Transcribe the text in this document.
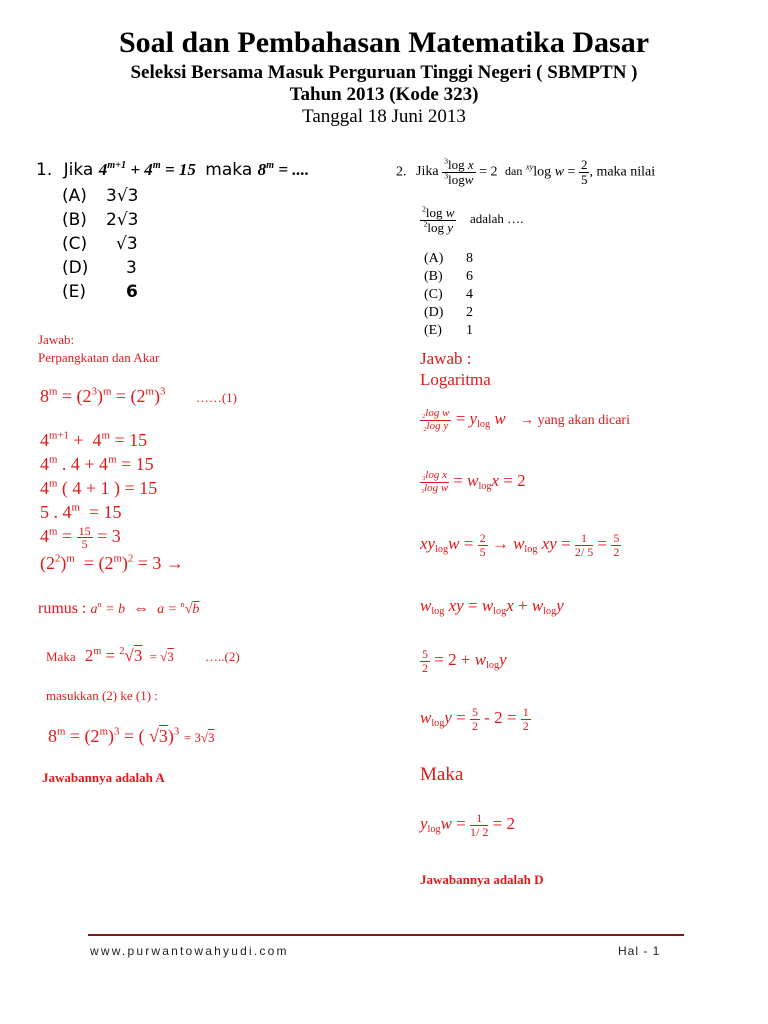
Soal dan Pembahasan Matematika Dasar
Seleksi Bersama Masuk Perguruan Tinggi Negeri ( SBMPTN )
Tahun 2013 (Kode 323)
Tanggal 18 Juni 2013
1. Jika $4^{m+1} + 4^m = 15$ maka $8^m$ = ....
(A) 3√3
(B) 2√3
(C) √3
(D) 3
(E) 6
Jawab:
Perpangkatan dan Akar
$8^m = (2^3)^m = (2^m)^3$ ……(1)
$4^{m+1} + 4^m = 15$
4$^m$ . $4 + 4^m = 15$
4$^m$ ( 4 + 1 ) = 15
5 . 4$^m$  = 15
$4^m = \frac{15}{5} = 3$
$(2^2)^m = (2^m)^2 = 3$ →
rumus : $a^n = b$  ⇔  a = $^n$√b
Maka $2^m = ^2√3 = √3$ …..(2)
masukkan (2) ke (1) :
$8^m = (2^m)^3$ = ( √3)$^3$ = 3√3
Jawabannya adalah A
2. Jika $\frac{^3\log x}{^3\log w} = 2$ dan $^{xy}$log $w = \frac{2}{5}$ , maka nilai
$\frac{^2\log w}{^2\log y}$ adalah ….
(A) 8
(B) 6
(C) 4
(D) 2
(E) 1
Jawab :
Logaritma
$\frac{_2\log w}{_2\log y} = y_{log}$ w → yang akan dicari
$\frac{_3\log x}{_3\log w} = w_{log}x = 2$
$xy_{log}w = \frac{2}{5} \to w_{log}$ xy = $\frac{1}{2/ 5} = \frac{5}{2}$
$w_{log}$ xy = $w_{log}x + w_{log}y$
$\frac{5}{2} = 2 + w_{log}y$
$w_{log}y = \frac{5}{2} - 2 = \frac{1}{2}$
Maka
$y_{log}w = \frac{1}{1/ 2} = 2$
Jawabannya adalah D
www.purwantowahyudi.com	Hal - 1
